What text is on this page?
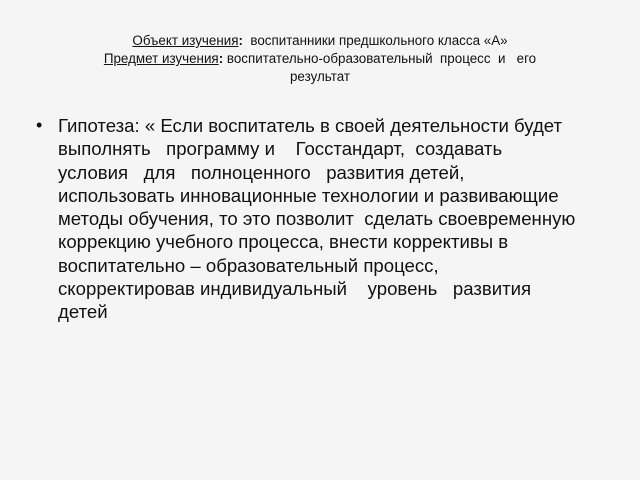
Объект изучения:  воспитанники предшкольного класса «А»
Предмет изучения: воспитательно-образовательный  процесс  и   его
результат
• Гипотеза: « Если воспитатель в своей деятельности будет
выполнять   программу и    Госстандарт,  создавать
условия   для   полноценного   развития детей,
использовать инновационные технологии и развивающие
методы обучения, то это позволит  сделать своевременную
коррекцию учебного процесса, внести коррективы в
воспитательно – образовательный процесс,
скорректировав индивидуальный    уровень   развития
детей
